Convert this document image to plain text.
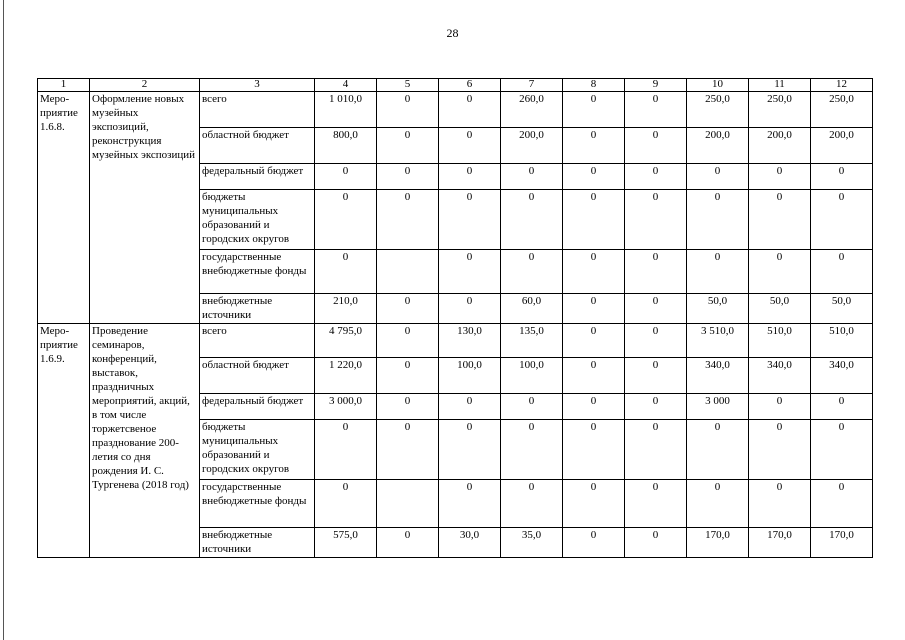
28
1	2	3	4	5	6	7	8	9	10	11	12
Меро-
приятие
1.6.8.	Оформление новых музейных экспозиций, реконструкция музейных экспозиций	всего	1 010,0	0	0	260,0	0	0	250,0	250,0	250,0
		областной бюджет	800,0	0	0	200,0	0	0	200,0	200,0	200,0
		федеральный бюджет	0	0	0	0	0	0	0	0	0
		бюджеты муниципальных образований и городских округов	0	0	0	0	0	0	0	0	0
		государственные внебюджетные фонды	0		0	0	0	0	0	0	0
		внебюджетные источники	210,0	0	0	60,0	0	0	50,0	50,0	50,0
Меро-
приятие
1.6.9.	Проведение семинаров, конференций, выставок, праздничных мероприятий, акций, в том числе торжетсвеное празднование 200-летия со дня рождения И. С. Тургенева (2018 год)	всего	4 795,0	0	130,0	135,0	0	0	3 510,0	510,0	510,0
		областной бюджет	1 220,0	0	100,0	100,0	0	0	340,0	340,0	340,0
		федеральный бюджет	3 000,0	0	0	0	0	0	3 000	0	0
		бюджеты муниципальных образований и городских округов	0	0	0	0	0	0	0	0	0
		государственные внебюджетные фонды	0		0	0	0	0	0	0	0
		внебюджетные источники	575,0	0	30,0	35,0	0	0	170,0	170,0	170,0
